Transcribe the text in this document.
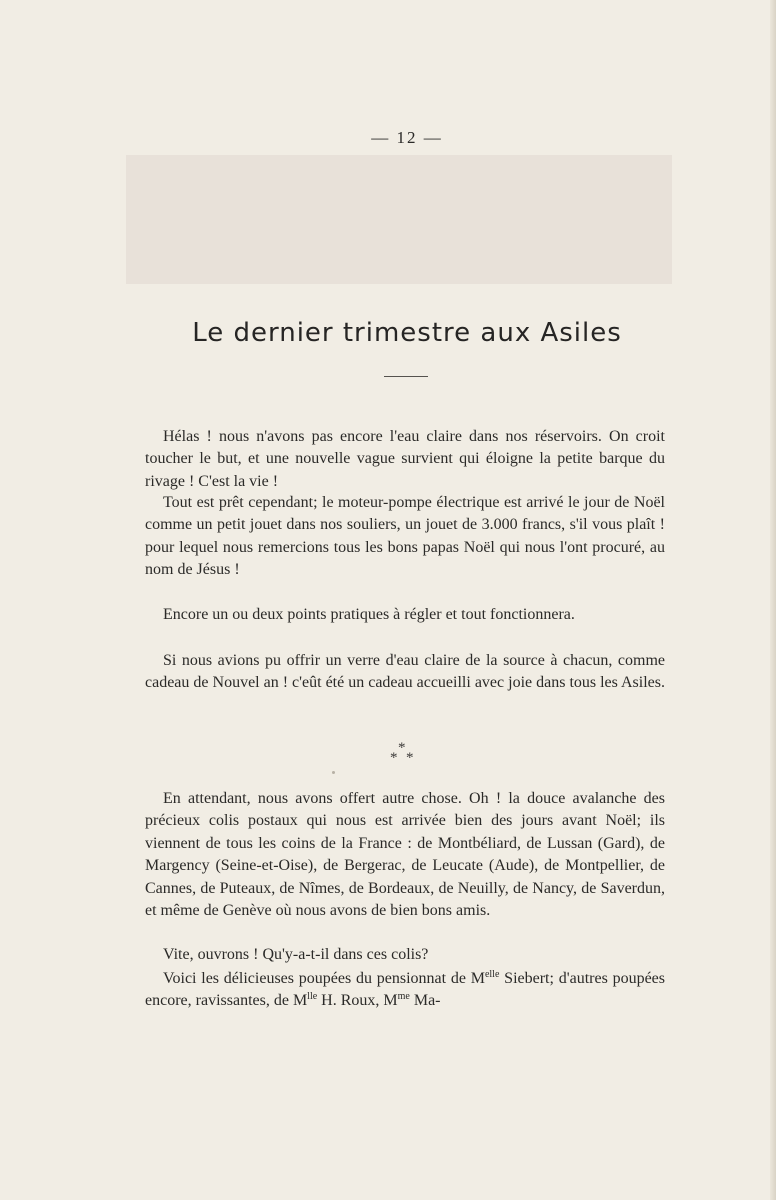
— 12 —
Le dernier trimestre aux Asiles

Hélas ! nous n'avons pas encore l'eau claire dans nos réservoirs. On croit toucher le but, et une nouvelle vague survient qui éloigne la petite barque du rivage ! C'est la vie !

Tout est prêt cependant; le moteur-pompe électrique est arrivé le jour de Noël comme un petit jouet dans nos souliers, un jouet de 3.000 francs, s'il vous plaît ! pour lequel nous remercions tous les bons papas Noël qui nous l'ont procuré, au nom de Jésus !

Encore un ou deux points pratiques à régler et tout fonctionnera.

Si nous avions pu offrir un verre d'eau claire de la source à chacun, comme cadeau de Nouvel an ! c'eût été un cadeau accueilli avec joie dans tous les Asiles.

*
* *

En attendant, nous avons offert autre chose. Oh ! la douce avalanche des précieux colis postaux qui nous est arrivée bien des jours avant Noël; ils viennent de tous les coins de la France : de Montbéliard, de Lussan (Gard), de Margency (Seine-et-Oise), de Bergerac, de Leucate (Aude), de Montpellier, de Cannes, de Puteaux, de Nîmes, de Bordeaux, de Neuilly, de Nancy, de Saverdun, et même de Genève où nous avons de bien bons amis.

Vite, ouvrons ! Qu'y-a-t-il dans ces colis?

Voici les délicieuses poupées du pensionnat de $M^{elle}$ Siebert; d'autres poupées encore, ravissantes, de $M^{lle}$ H. Roux, $M^{me}$ Ma-
